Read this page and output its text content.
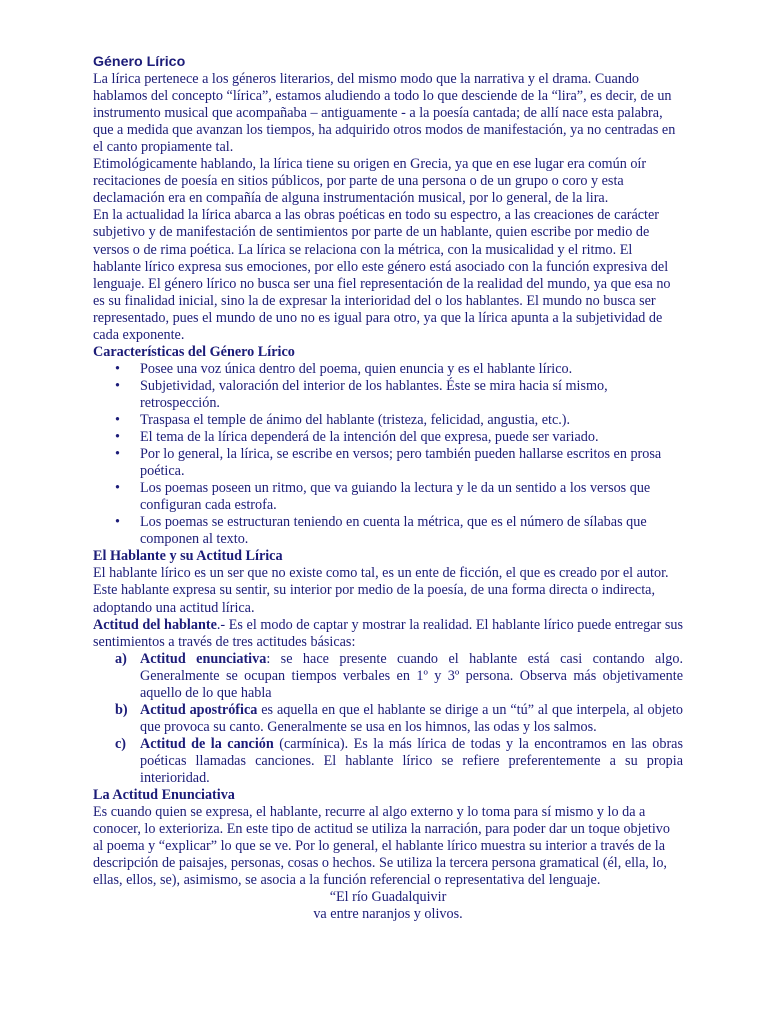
Género Lírico

La lírica pertenece a los géneros literarios, del mismo modo que la narrativa y el drama. Cuando hablamos del concepto “lírica”, estamos aludiendo a todo lo que desciende de la “lira”, es decir, de un instrumento musical que acompañaba – antiguamente - a la poesía cantada; de allí nace esta palabra, que a medida que avanzan los tiempos, ha adquirido otros modos de manifestación, ya no centradas en el canto propiamente tal.

Etimológicamente hablando, la lírica tiene su origen en Grecia, ya que en ese lugar era común oír recitaciones de poesía en sitios públicos, por parte de una persona o de un grupo o coro y esta declamación era en compañía de alguna instrumentación musical, por lo general, de la lira.

En la actualidad la lírica abarca a las obras poéticas en todo su espectro, a las creaciones de carácter subjetivo y de manifestación de sentimientos por parte de un hablante, quien escribe por medio de versos o de rima poética. La lírica se relaciona con la métrica, con la musicalidad y el ritmo. El hablante lírico expresa sus emociones, por ello este género está asociado con la función expresiva del lenguaje. El género lírico no busca ser una fiel representación de la realidad del mundo, ya que esa no es su finalidad inicial, sino la de expresar la interioridad del o los hablantes. El mundo no busca ser representado, pues el mundo de uno no es igual para otro, ya que la lírica apunta a la subjetividad de cada exponente.

Características del Género Lírico
• Posee una voz única dentro del poema, quien enuncia y es el hablante lírico.
• Subjetividad, valoración del interior de los hablantes. Éste se mira hacia sí mismo, retrospección.
• Traspasa el temple de ánimo del hablante (tristeza, felicidad, angustia, etc.).
• El tema de la lírica dependerá de la intención del que expresa, puede ser variado.
• Por lo general, la lírica, se escribe en versos; pero también pueden hallarse escritos en prosa poética.
• Los poemas poseen un ritmo, que va guiando la lectura y le da un sentido a los versos que configuran cada estrofa.
• Los poemas se estructuran teniendo en cuenta la métrica, que es el número de sílabas que componen al texto.
El Hablante y su Actitud Lírica

El hablante lírico es un ser que no existe como tal, es un ente de ficción, el que es creado por el autor. Este hablante expresa su sentir, su interior por medio de la poesía, de una forma directa o indirecta, adoptando una actitud lírica.

Actitud del hablante.- Es el modo de captar y mostrar la realidad. El hablante lírico puede entregar sus sentimientos a través de tres actitudes básicas:

a) Actitud enunciativa: se hace presente cuando el hablante está casi contando algo. Generalmente se ocupan tiempos verbales en 1º y 3º persona. Observa más objetivamente aquello de lo que habla
b) Actitud apostrófica es aquella en que el hablante se dirige a un “tú” al que interpela, al objeto que provoca su canto. Generalmente se usa en los himnos, las odas y los salmos.
c) Actitud de la canción (carmínica). Es la más lírica de todas y la encontramos en las obras poéticas llamadas canciones. El hablante lírico se refiere preferentemente a su propia interioridad.
La Actitud Enunciativa

Es cuando quien se expresa, el hablante, recurre al algo externo y lo toma para sí mismo y lo da a conocer, lo exterioriza. En este tipo de actitud se utiliza la narración, para poder dar un toque objetivo al poema y “explicar” lo que se ve. Por lo general, el hablante lírico muestra su interior a través de la descripción de paisajes, personas, cosas o hechos. Se utiliza la tercera persona gramatical (él, ella, lo, ellas, ellos, se), asimismo, se asocia a la función referencial o representativa del lenguaje.

“El río Guadalquivir

va entre naranjos y olivos.
